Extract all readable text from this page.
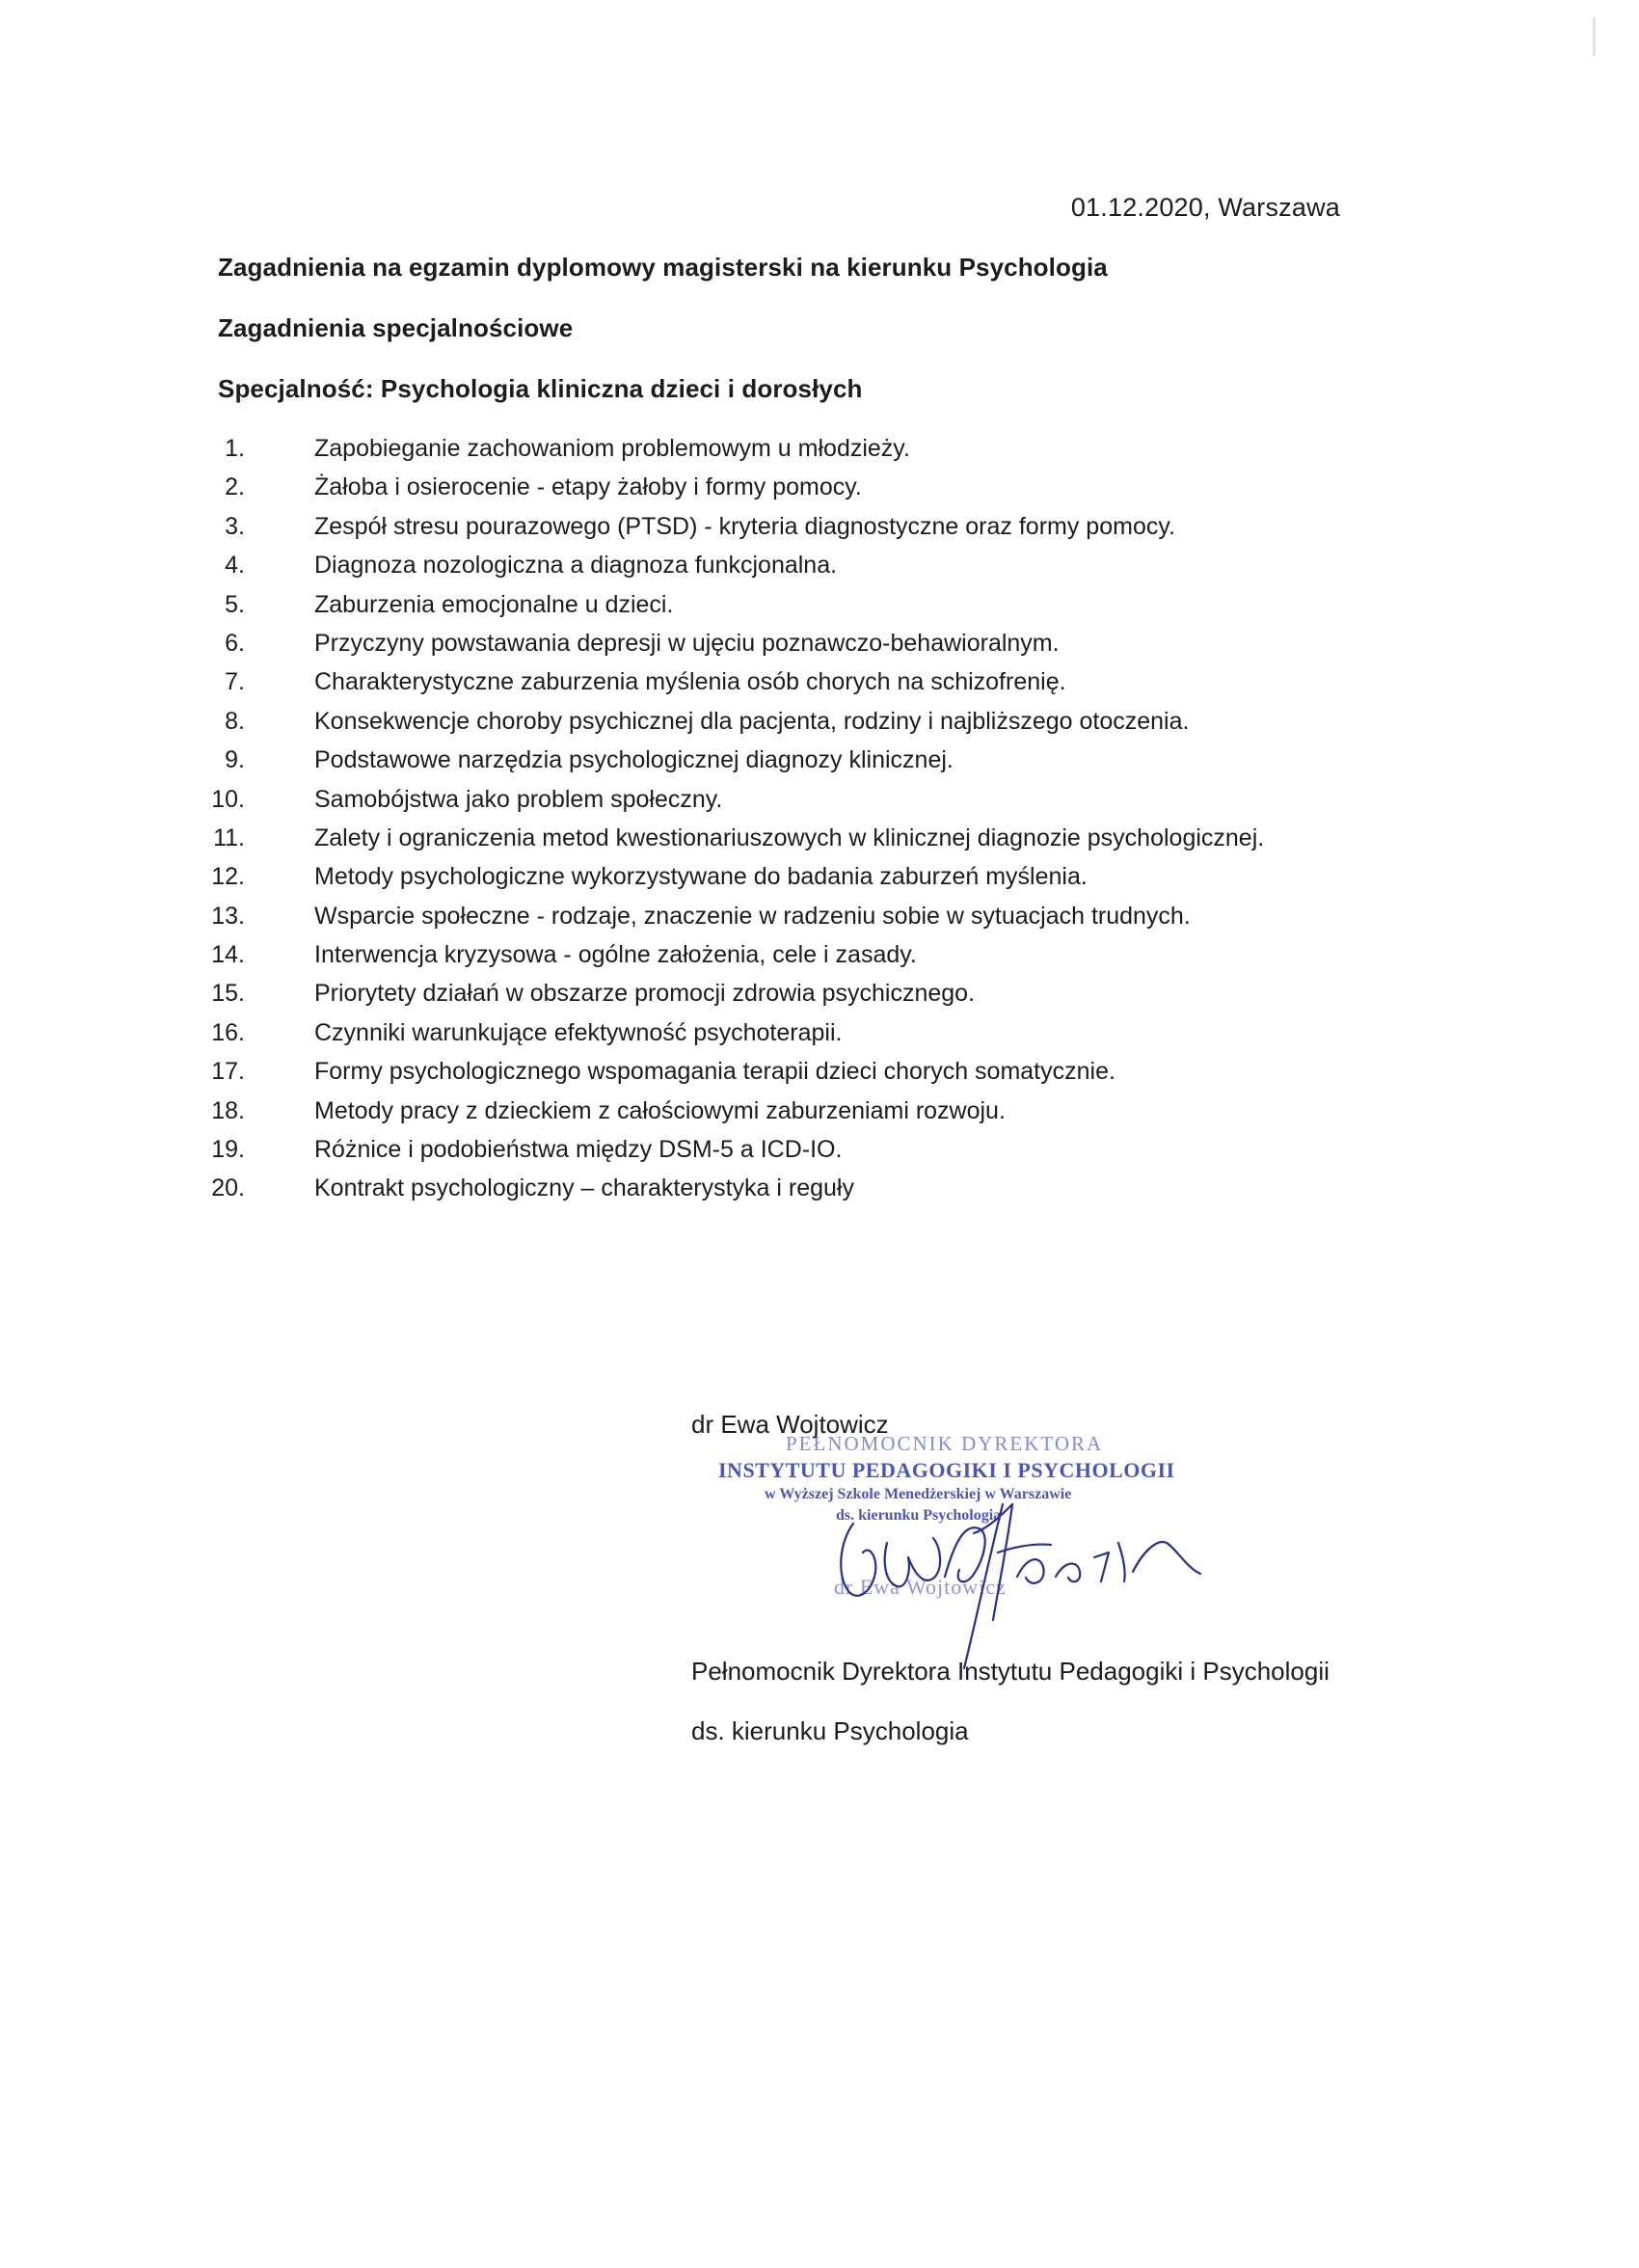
01.12.2020, Warszawa
Zagadnienia na egzamin dyplomowy magisterski na kierunku Psychologia
Zagadnienia specjalnościowe
Specjalność: Psychologia kliniczna dzieci i dorosłych
1.	Zapobieganie zachowaniom problemowym u młodzieży.
2.	Żałoba i osierocenie - etapy żałoby i formy pomocy.
3.	Zespół stresu pourazowego (PTSD) - kryteria diagnostyczne oraz formy pomocy.
4.	Diagnoza nozologiczna a diagnoza funkcjonalna.
5.	Zaburzenia emocjonalne u dzieci.
6.	Przyczyny powstawania depresji w ujęciu poznawczo-behawioralnym.
7.	Charakterystyczne zaburzenia myślenia osób chorych na schizofrenię.
8.	Konsekwencje choroby psychicznej dla pacjenta, rodziny i najbliższego otoczenia.
9.	Podstawowe narzędzia psychologicznej diagnozy klinicznej.
10.	Samobójstwa jako problem społeczny.
11.	Zalety i ograniczenia metod kwestionariuszowych w klinicznej diagnozie psychologicznej.
12.	Metody psychologiczne wykorzystywane do badania zaburzeń myślenia.
13.	Wsparcie społeczne - rodzaje, znaczenie w radzeniu sobie w sytuacjach trudnych.
14.	Interwencja kryzysowa - ogólne założenia, cele i zasady.
15.	Priorytety działań w obszarze promocji zdrowia psychicznego.
16.	Czynniki warunkujące efektywność psychoterapii.
17.	Formy psychologicznego wspomagania terapii dzieci chorych somatycznie.
18.	Metody pracy z dzieckiem z całościowymi zaburzeniami rozwoju.
19.	Różnice i podobieństwa między DSM-5 a ICD-IO.
20.	Kontrakt psychologiczny – charakterystyka i reguły
dr Ewa Wojtowicz
PEŁNOMOCNIK DYREKTORA
INSTYTUTU PEDAGOGIKI I PSYCHOLOGII
w Wyższej Szkole Menedżerskiej w Warszawie
ds. kierunku Psychologia
dr Ewa Wojtowicz
Pełnomocnik Dyrektora Instytutu Pedagogiki i Psychologii
ds. kierunku Psychologia
